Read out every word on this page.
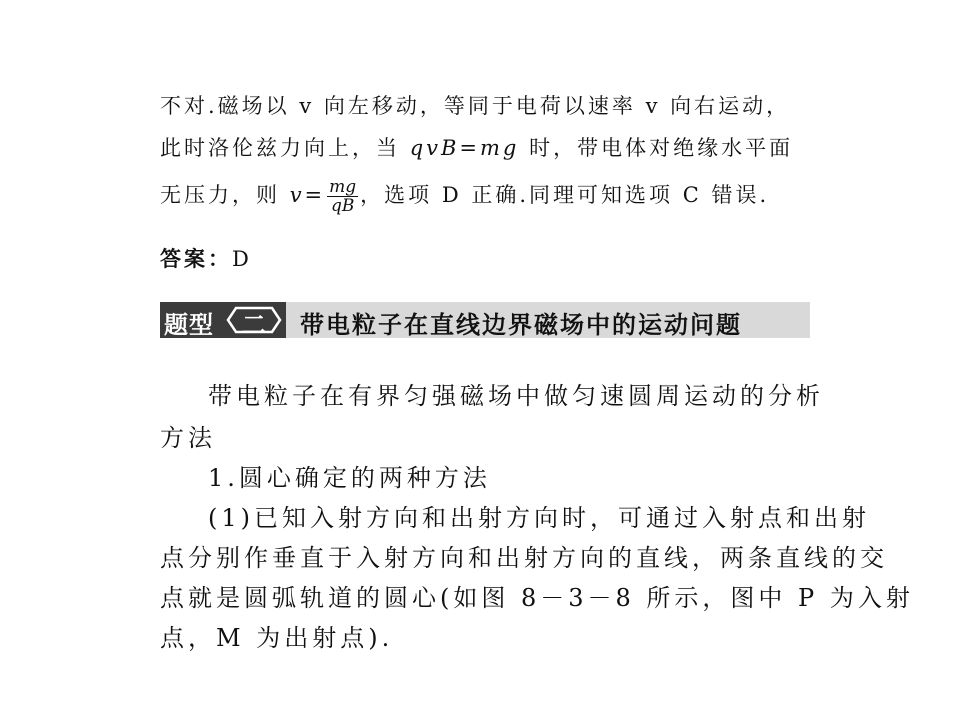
不对.磁场以 v 向左移动，等同于电荷以速率 v 向右运动，
此时洛伦兹力向上，当 qvB=mg 时，带电体对绝缘水平面
无压力，则 $v= \frac{mg}{qB}$ ，选项 D 正确.同理可知选项 C 错误.
答案：D
题型	二	带电粒子在直线边界磁场中的运动问题
带电粒子在有界匀强磁场中做匀速圆周运动的分析
方法
1.圆心确定的两种方法
(1)已知入射方向和出射方向时，可通过入射点和出射
点分别作垂直于入射方向和出射方向的直线，两条直线的交
点就是圆弧轨道的圆心(如图 8－3－8 所示，图中 P 为入射
点，M 为出射点).
